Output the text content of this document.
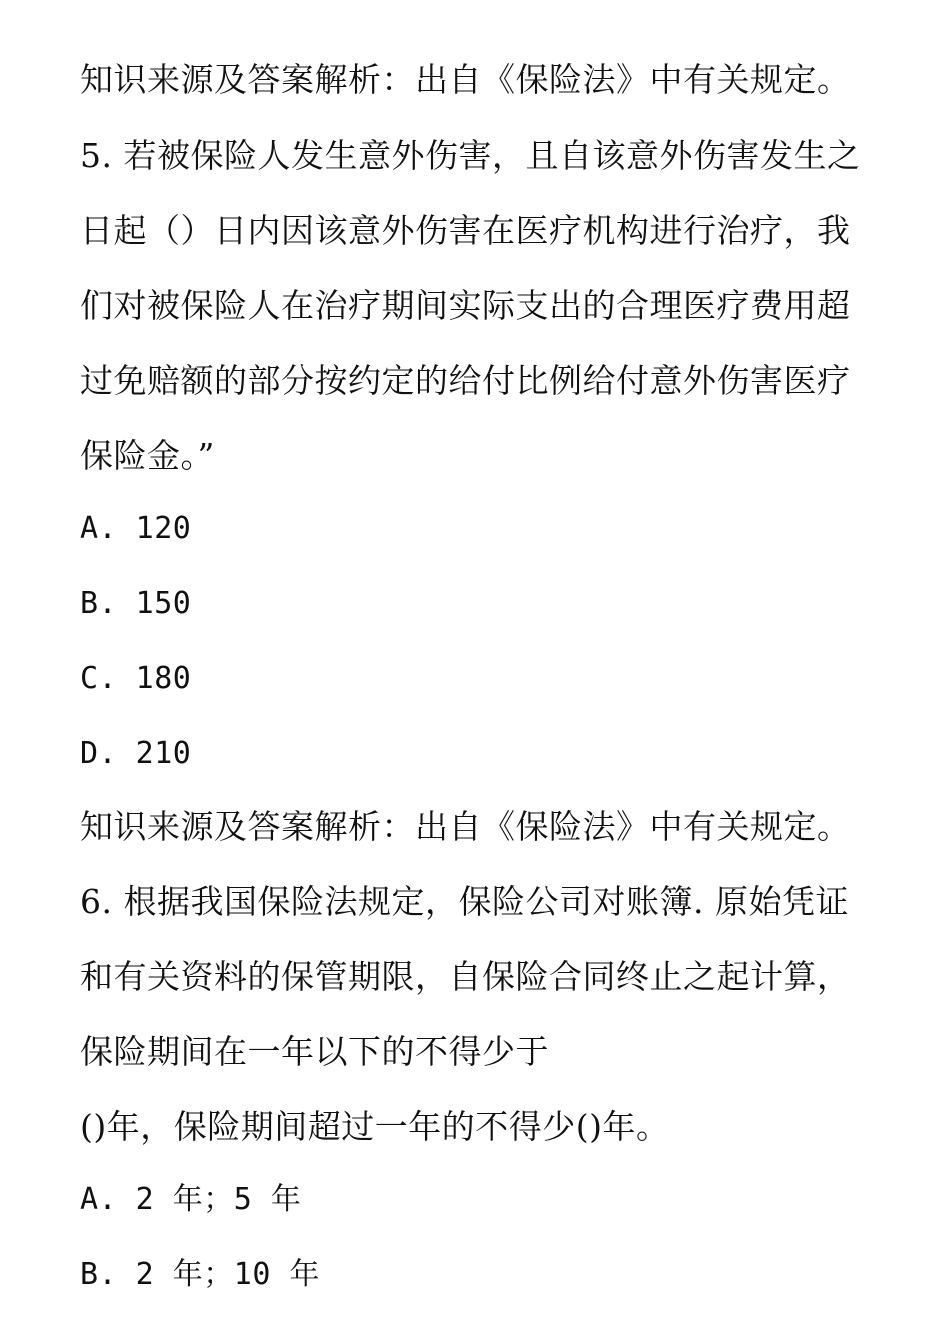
知识来源及答案解析：出自《保险法》中有关规定。
5. 若被保险人发生意外伤害，且自该意外伤害发生之
日起（）日内因该意外伤害在医疗机构进行治疗，我
们对被保险人在治疗期间实际支出的合理医疗费用超
过免赔额的部分按约定的给付比例给付意外伤害医疗
保险金。”
A. 120
B. 150
C. 180
D. 210
知识来源及答案解析：出自《保险法》中有关规定。
6. 根据我国保险法规定，保险公司对账簿. 原始凭证
和有关资料的保管期限，自保险合同终止之起计算，
保险期间在一年以下的不得少于
()年，保险期间超过一年的不得少()年。
A. 2 年；5 年
B. 2 年；10 年
